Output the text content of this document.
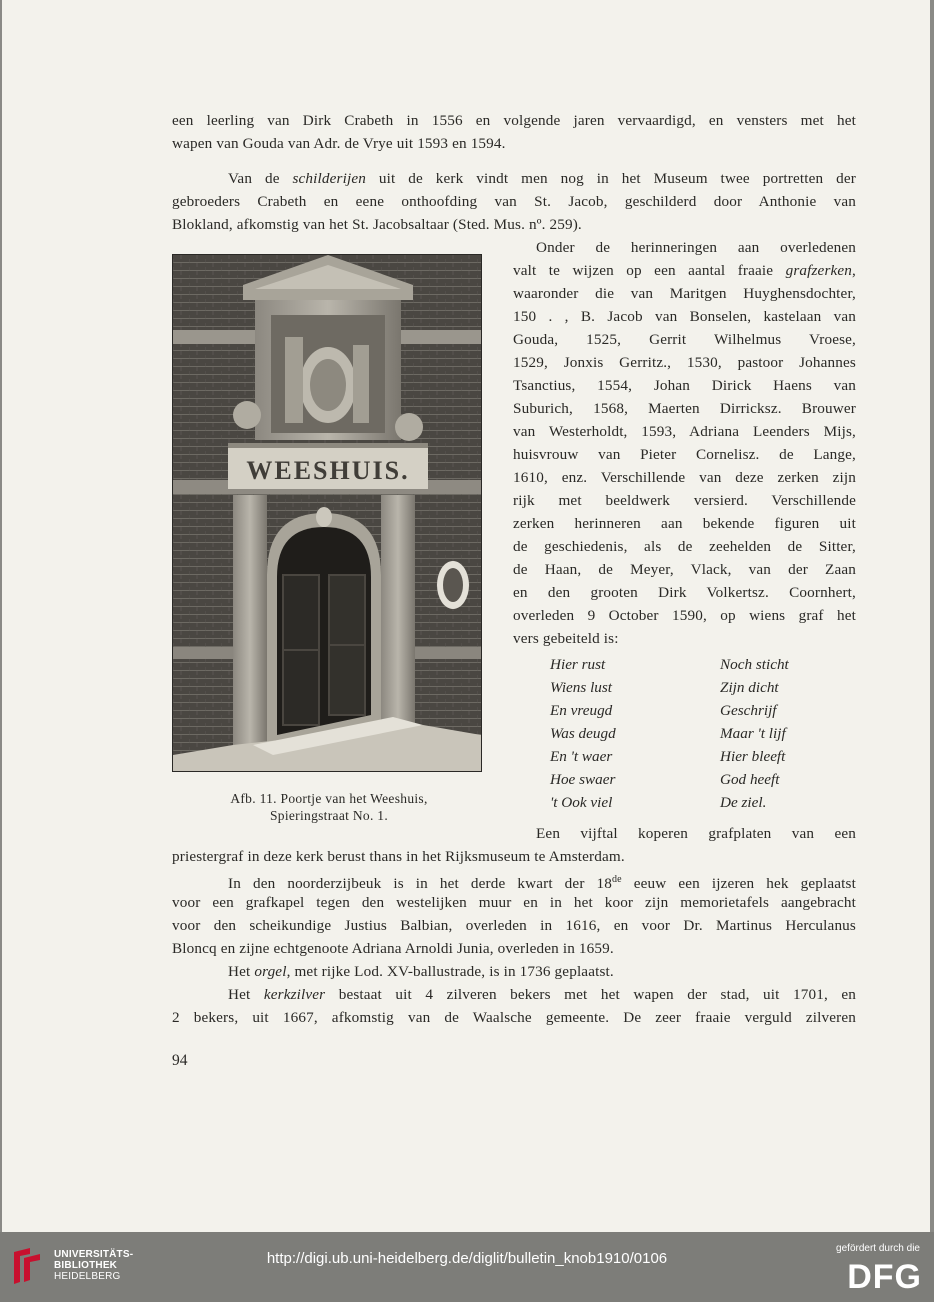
een leerling van Dirk Crabeth in 1556 en volgende jaren vervaardigd, en vensters met het
wapen van Gouda van Adr. de Vrye uit 1593 en 1594.
Van de schilderijen uit de kerk vindt men nog in het Museum twee portretten der
gebroeders Crabeth en eene onthoofding van St. Jacob, geschilderd door Anthonie van
Blokland, afkomstig van het St. Jacobsaltaar (Sted. Mus. nº. 259).
Onder de herinneringen aan overledenen
valt te wijzen op een aantal fraaie grafzerken,
waaronder die van Maritgen Huyghensdochter,
150 . , B. Jacob van Bonselen, kastelaan van
Gouda, 1525, Gerrit Wilhelmus Vroese,
1529, Jonxis Gerritz., 1530, pastoor Johannes
Tsanctius, 1554, Johan Dirick Haens van
Suburich, 1568, Maerten Dirricksz. Brouwer
van Westerholdt, 1593, Adriana Leenders Mijs,
huisvrouw van Pieter Cornelisz. de Lange,
1610, enz. Verschillende van deze zerken zijn
rijk met beeldwerk versierd. Verschillende
zerken herinneren aan bekende figuren uit
de geschiedenis, als de zeehelden de Sitter,
de Haan, de Meyer, Vlack, van der Zaan
en den grooten Dirk Volkertsz. Coornhert,
overleden 9 October 1590, op wiens graf het
vers gebeiteld is:
WEESHUIS.
Afb. 11. Poortje van het Weeshuis,
Spieringstraat No. 1.
Hier rust
Wiens lust
En vreugd
Was deugd
En 't waer
Hoe swaer
't Ook viel
Noch sticht
Zijn dicht
Geschrijf
Maar 't lijf
Hier bleeft
God heeft
De ziel.
Een vijftal koperen grafplaten van een
priestergraf in deze kerk berust thans in het Rijksmuseum te Amsterdam.
In den noorderzijbeuk is in het derde kwart der 18de eeuw een ijzeren hek geplaatst
voor een grafkapel tegen den westelijken muur en in het koor zijn memorietafels aangebracht
voor den scheikundige Justius Balbian, overleden in 1616, en voor Dr. Martinus Herculanus
Bloncq en zijne echtgenoote Adriana Arnoldi Junia, overleden in 1659.
Het orgel, met rijke Lod. XV-ballustrade, is in 1736 geplaatst.
Het kerkzilver bestaat uit 4 zilveren bekers met het wapen der stad, uit 1701, en
2 bekers, uit 1667, afkomstig van de Waalsche gemeente. De zeer fraaie verguld zilveren
94
UNIVERSITÄTS-
BIBLIOTHEK
HEIDELBERG
http://digi.ub.uni-heidelberg.de/diglit/bulletin_knob1910/0106
gefördert durch die
DFG
